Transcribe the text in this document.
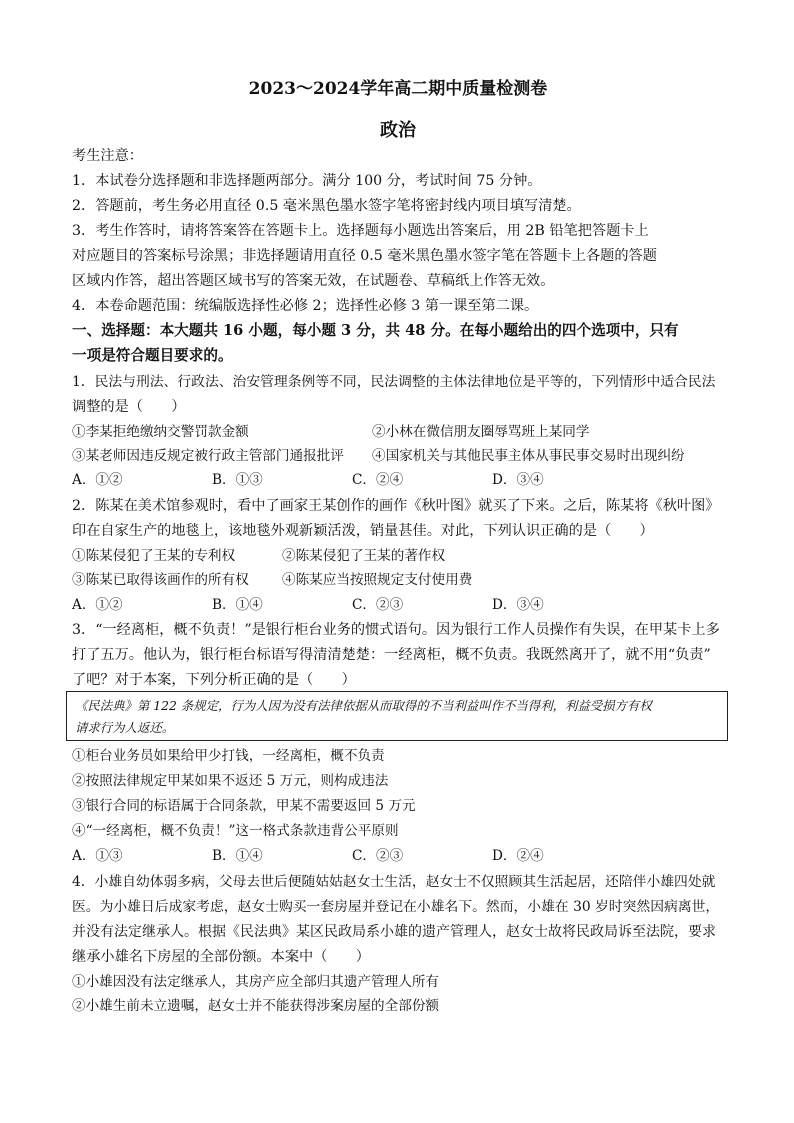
2023～2024学年高二期中质量检测卷
政治
考生注意：
1．本试卷分选择题和非选择题两部分。满分 100 分，考试时间 75 分钟。
2．答题前，考生务必用直径 0.5 毫米黑色墨水签字笔将密封线内项目填写清楚。
3．考生作答时，请将答案答在答题卡上。选择题每小题选出答案后，用 2B 铅笔把答题卡上
对应题目的答案标号涂黑；非选择题请用直径 0.5 毫米黑色墨水签字笔在答题卡上各题的答题
区域内作答，超出答题区域书写的答案无效，在试题卷、草稿纸上作答无效。
4．本卷命题范围：统编版选择性必修 2；选择性必修 3 第一课至第二课。
一、选择题：本大题共 16 小题，每小题 3 分，共 48 分。在每小题给出的四个选项中，只有
一项是符合题目要求的。
1．民法与刑法、行政法、治安管理条例等不同，民法调整的主体法律地位是平等的，下列情形中适合民法
调整的是（　　）
①李某拒绝缴纳交警罚款金额	②小林在微信朋友圈辱骂班上某同学
③某老师因违反规定被行政主管部门通报批评 ④国家机关与其他民事主体从事民事交易时出现纠纷
A．①②	B．①③	C．②④	D．③④
2．陈某在美术馆参观时，看中了画家王某创作的画作《秋叶图》就买了下来。之后，陈某将《秋叶图》
印在自家生产的地毯上，该地毯外观新颖活泼，销量甚佳。对此，下列认识正确的是（　　）
①陈某侵犯了王某的专利权	②陈某侵犯了王某的著作权
③陈某已取得该画作的所有权 ④陈某应当按照规定支付使用费
A．①②	B．①④	C．②③	D．③④
3．“一经离柜，概不负责！”是银行柜台业务的惯式语句。因为银行工作人员操作有失误，在甲某卡上多
打了五万。他认为，银行柜台标语写得清清楚楚：一经离柜，概不负责。我既然离开了，就不用“负责”
了吧？对于本案，下列分析正确的是（　　）
《民法典》第 122 条规定，行为人因为没有法律依据从而取得的不当利益叫作不当得利，利益受损方有权
请求行为人返还。
①柜台业务员如果给甲少打钱，一经离柜，概不负责
②按照法律规定甲某如果不返还 5 万元，则构成违法
③银行合同的标语属于合同条款，甲某不需要返回 5 万元
④“一经离柜，概不负责！”这一格式条款违背公平原则
A．①③	B．①④	C．②③	D．②④
4．小雄自幼体弱多病，父母去世后便随姑姑赵女士生活，赵女士不仅照顾其生活起居，还陪伴小雄四处就
医。为小雄日后成家考虑，赵女士购买一套房屋并登记在小雄名下。然而，小雄在 30 岁时突然因病离世，
并没有法定继承人。根据《民法典》某区民政局系小雄的遗产管理人，赵女士故将民政局诉至法院，要求
继承小雄名下房屋的全部份额。本案中（　　）
①小雄因没有法定继承人，其房产应全部归其遗产管理人所有
②小雄生前未立遗嘱，赵女士并不能获得涉案房屋的全部份额
